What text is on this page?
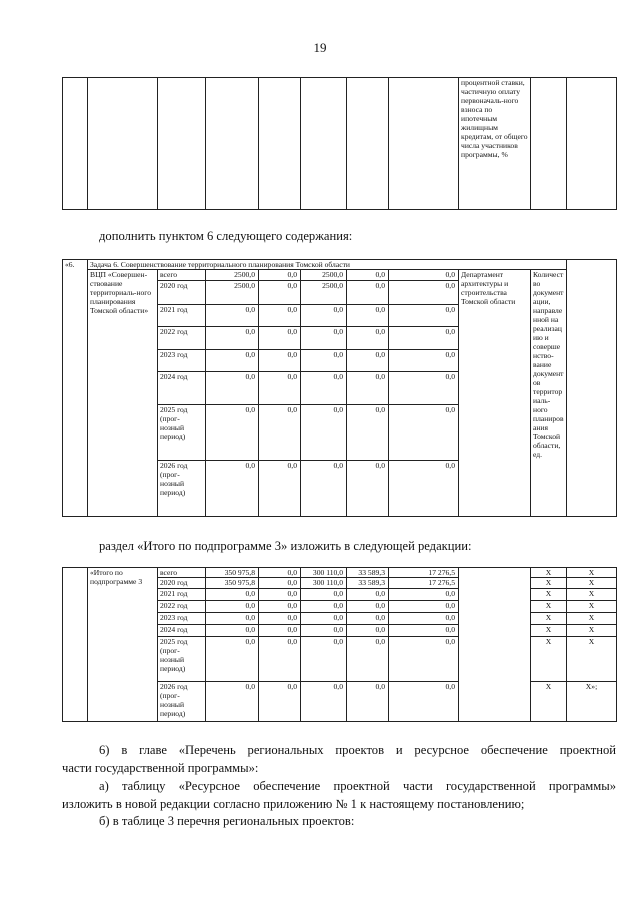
19
								процентной ставки, частичную оплату первоначаль-ного взноса по ипотечным жилищным кредитам, от общего числа участников программы, %		
дополнить пунктом 6 следующего содержания:
«6.	Задача 6. Совершенствование территориального планирования Томской области										
	ВЦП «Совершен-ствование территориаль-ного планирования Томской области»	всего	2500,0	0,0	2500,0	0,0	0,0	Департамент архитектуры и строительства Томской области	Количество документации, направленной на реализацию и совершенство-вание документов территориаль-ного планирования Томской области, ед.	
		2020 год	2500,0	0,0	2500,0	0,0	0,0	
		2021 год	0,0	0,0	0,0	0,0	0,0	
		2022 год	0,0	0,0	0,0	0,0	0,0				
		2023 год	0,0	0,0	0,0	0,0	0,0	
		2024 год	0,0	0,0	0,0	0,0	0,0	
		2025 год (прог-нозный период)	0,0	0,0	0,0	0,0	0,0	
		2026 год (прог-нозный период)	0,0	0,0	0,0	0,0	0,0	
раздел «Итого по подпрограмме 3» изложить в следующей редакции:
	«Итого по подпрограмме 3	всего	350 975,8	0,0	300 110,0	33 589,3	17 276,5		X	X
		2020 год	350 975,8	0,0	300 110,0	33 589,3	17 276,5		X	X
		2021 год	0,0	0,0	0,0	0,0	0,0		X	X
		2022 год	0,0	0,0	0,0	0,0	0,0		X	X
		2023 год	0,0	0,0	0,0	0,0	0,0		X	X
		2024 год	0,0	0,0	0,0	0,0	0,0		X	X
		2025 год (прог-нозный период)	0,0	0,0	0,0	0,0	0,0		X	X
		2026 год (прог-нозный период)	0,0	0,0	0,0	0,0	0,0		X	X»;
6) в главе «Перечень региональных проектов и ресурсное обеспечение проектной
части государственной программы»:
а) таблицу «Ресурсное обеспечение проектной части государственной программы»
изложить в новой редакции согласно приложению № 1 к настоящему постановлению;
б) в таблице 3 перечня региональных проектов:
